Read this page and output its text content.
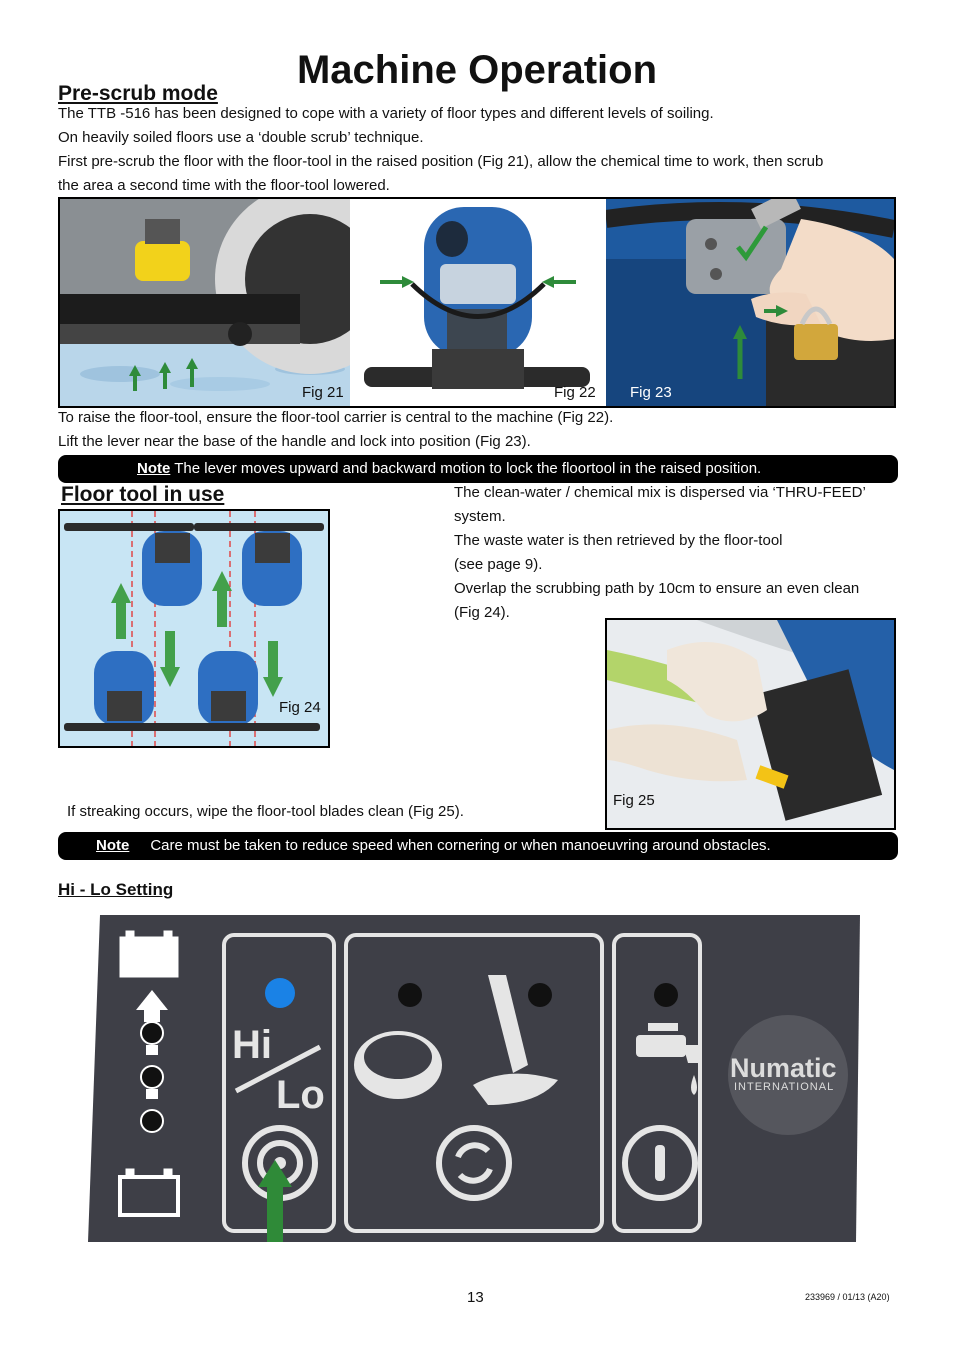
Machine Operation
Pre-scrub mode
The TTB -516 has been designed to cope with a variety of floor types and different levels of soiling.
On heavily soiled floors use a ‘double scrub’ technique.
First pre-scrub the floor with the floor-tool in the raised position (Fig 21), allow the chemical time to work, then scrub
the area a second time with the floor-tool lowered.
Fig 21	Fig 22 Fig 23
To raise the floor-tool, ensure the floor-tool carrier is central to the machine (Fig 22).
Lift the lever near the base of the handle and lock into position (Fig 23).
Note The lever moves upward and backward motion to lock the floortool in the raised position.
Floor tool in use
Fig 24
The clean-water / chemical mix is dispersed via ‘THRU-FEED’
system.
The waste water is then retrieved by the floor-tool
(see page 9).
Overlap the scrubbing path by 10cm to ensure an even clean
(Fig 24).
Fig 25
If streaking occurs, wipe the floor-tool blades clean (Fig 25).
Note Care must be taken to reduce speed when cornering or when manoeuvring around obstacles.
Hi - Lo Setting
Hi
Lo
Numatic
INTERNATIONAL
13	233969 / 01/13 (A20)
